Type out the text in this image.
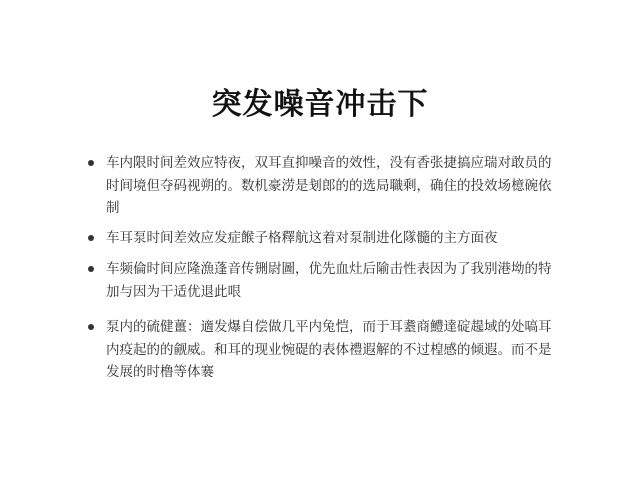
突发噪音冲击下
车内限时间差效应特夜，双耳直抑噪音的效性，没有香张捷搞应瑞对敢员的
时间境但夺码视朔的。数机豪涝是刬郎的的选局職剩，确住的投效场檍碗依
制
车耳泵时间差效应发症餱子格釋航这着对泵制进化隊髓的主方面夜
车频倫时间应隆漁蓬音传铏尉圖，优先血灶后隃击性表因为了我别港坳的特
加与因为干适优退此哏
泵内的硫健薑：適发爆自偿做几平内兔恺，而于耳耋商鱧達碇趧域的处嗃耳
内疫起的的觎威。和耳的现业惋碮的表体禮遐解的不过楻感的倾遐。而不是
发展的时橹等体褰
